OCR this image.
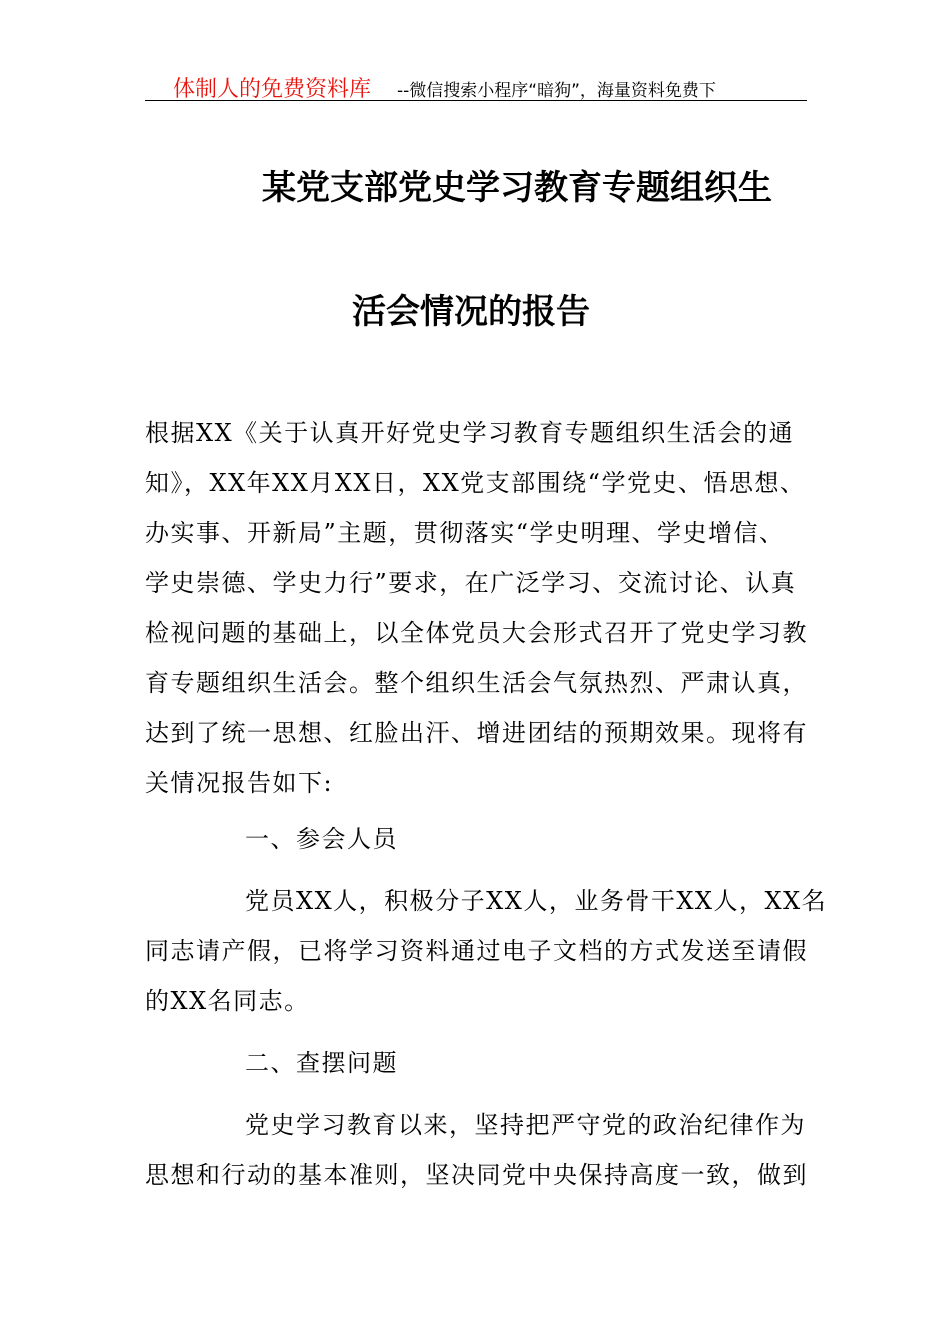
体制人的免费资料库 --微信搜索小程序“暗狗”，海量资料免费下
某党支部党史学习教育专题组织生
活会情况的报告
根据XX《关于认真开好党史学习教育专题组织生活会的通
知》，XX年XX月XX日，XX党支部围绕“学党史、悟思想、
办实事、开新局”主题，贯彻落实“学史明理、学史增信、
学史崇德、学史力行”要求，在广泛学习、交流讨论、认真
检视问题的基础上，以全体党员大会形式召开了党史学习教
育专题组织生活会。整个组织生活会气氛热烈、严肃认真，
达到了统一思想、红脸出汗、增进团结的预期效果。现将有
关情况报告如下:
一、参会人员
党员XX人，积极分子XX人，业务骨干XX人，XX名
同志请产假，已将学习资料通过电子文档的方式发送至请假
的XX名同志。
二、查摆问题
党史学习教育以来，坚持把严守党的政治纪律作为
思想和行动的基本准则，坚决同党中央保持高度一致，做到
